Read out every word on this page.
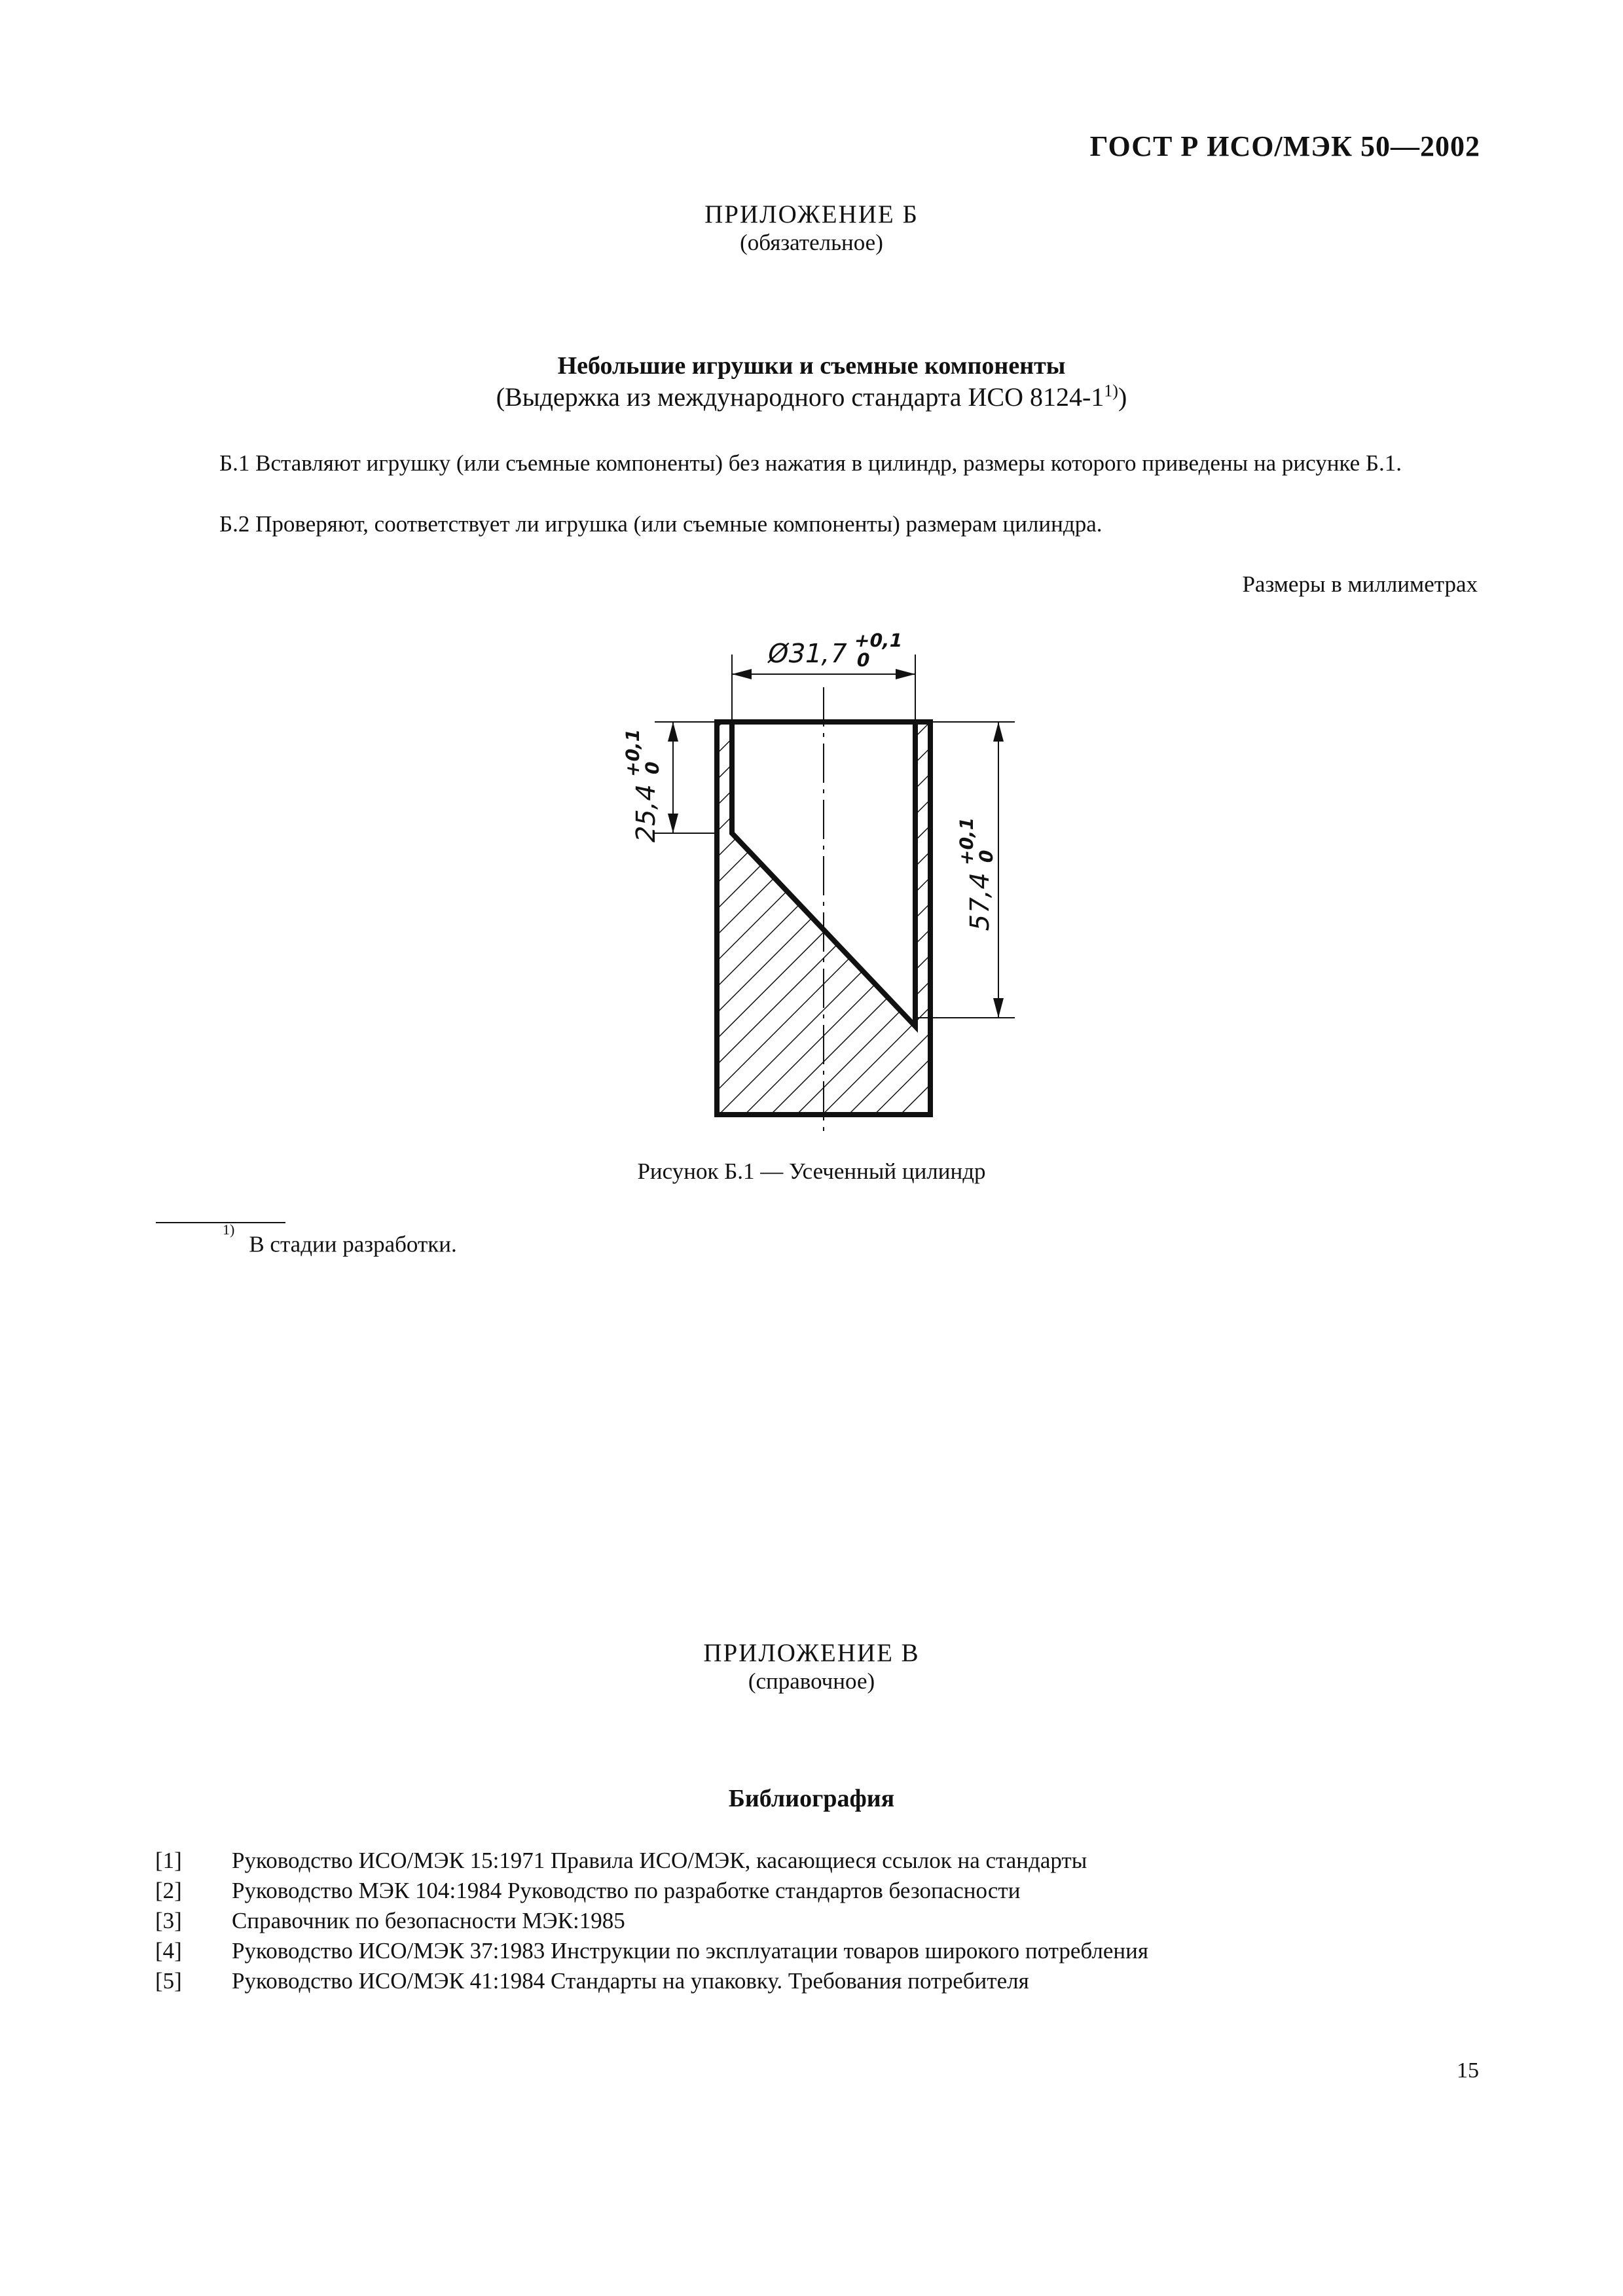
ГОСТ Р ИСО/МЭК 50—2002
ПРИЛОЖЕНИЕ Б
(обязательное)
Небольшие игрушки и съемные компоненты
(Выдержка из международного стандарта ИСО 8124-1$^{1)}$)
Б.1 Вставляют игрушку (или съемные компоненты) без нажатия в цилиндр, размеры которого приведены на рисунке Б.1.
Б.2 Проверяют, соответствует ли игрушка (или съемные компоненты) размерам цилиндра.
Размеры в миллиметрах
Ø31,7 +0,1
0
25,4
+0,1
0
57,4
+0,1
0
Рисунок Б.1 — Усеченный цилиндр
$^{1)}$В стадии разработки.
ПРИЛОЖЕНИЕ В
(справочное)
Библиография
[1] Руководство ИСО/МЭК 15:1971 Правила ИСО/МЭК, касающиеся ссылок на стандарты
[2] Руководство МЭК 104:1984 Руководство по разработке стандартов безопасности
[3] Справочник по безопасности МЭК:1985
[4] Руководство ИСО/МЭК 37:1983 Инструкции по эксплуатации товаров широкого потребления
[5] Руководство ИСО/МЭК 41:1984 Стандарты на упаковку. Требования потребителя
15
